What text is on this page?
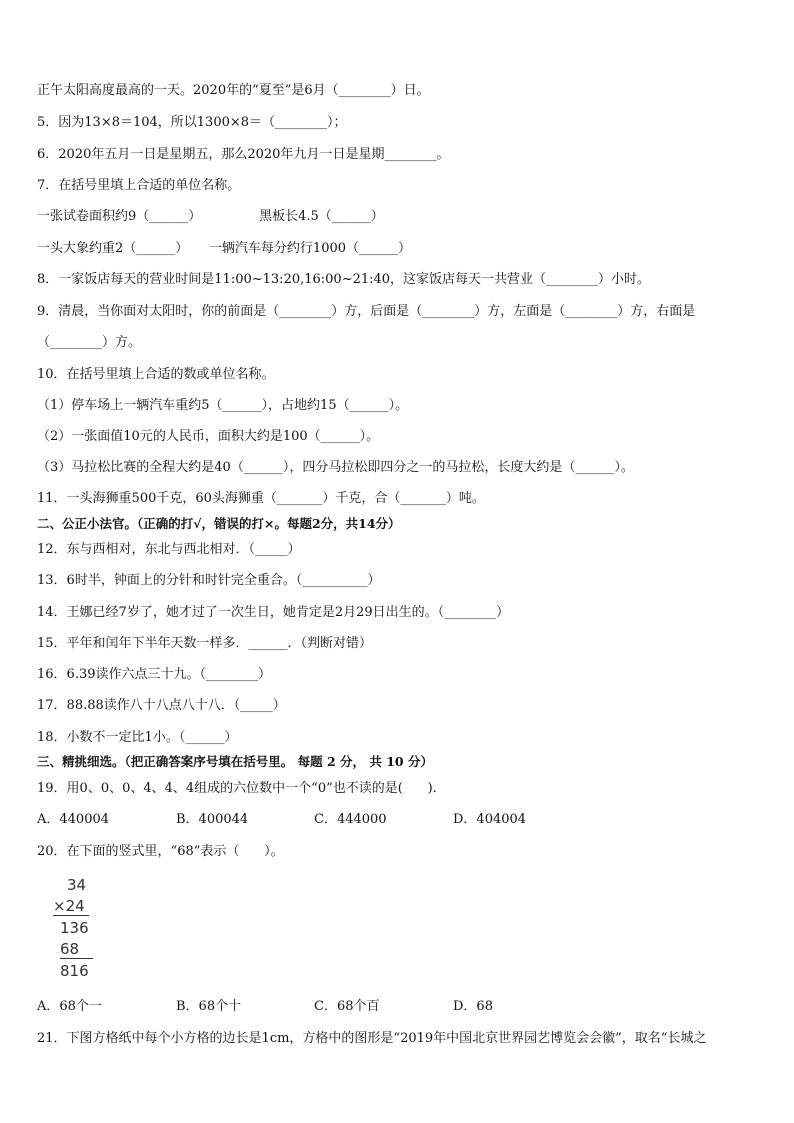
正午太阳高度最高的一天。2020年的“夏至”是6月（________）日。
5．因为13×8＝104，所以1300×8＝（________）；
6．2020年五月一日是星期五，那么2020年九月一日是星期________。
7．在括号里填上合适的单位名称。
一张试卷面积约9（______）              黑板长4.5（______）
一头大象约重2（______）     一辆汽车每分约行1000（______）
8．一家饭店每天的营业时间是11:00~13:20,16:00~21:40，这家饭店每天一共营业（________）小时。
9．清晨，当你面对太阳时，你的前面是（________）方，后面是（________）方，左面是（________）方，右面是
（________）方。
10．在括号里填上合适的数或单位名称。
（1）停车场上一辆汽车重约5（______），占地约15（______）。
（2）一张面值10元的人民币，面积大约是100（______）。
（3）马拉松比赛的全程大约是40（______），四分马拉松即四分之一的马拉松，长度大约是（______）。
11．一头海狮重500千克，60头海狮重（_______）千克，合（_______）吨。
二、公正小法官。（正确的打√，错误的打×。每题2分，共14分）
12．东与西相对，东北与西北相对．（_____）
13．6时半，钟面上的分针和时针完全重合。（__________）
14．王娜已经7岁了，她才过了一次生日，她肯定是2月29日出生的。（________）
15．平年和闰年下半年天数一样多．______．（判断对错）
16．6.39读作六点三十九。（________）
17．88.88读作八十八点八十八．（_____）
18．小数不一定比1小。（______）
三、精挑细选。（把正确答案序号填在括号里。 每题 2 分， 共 10 分）
19．用0、0、0、4、4、4组成的六位数中一个“0”也不读的是(      )．
A．440004	B．400044	C．444000	D．404004
20．在下面的竖式里，“68”表示（      ）。
34
×24
136
68
816
A．68个一	B．68个十	C．68个百	D．68
21．下图方格纸中每个小方格的边长是1cm，方格中的图形是“2019年中国北京世界园艺博览会会徽”，取名“长城之
